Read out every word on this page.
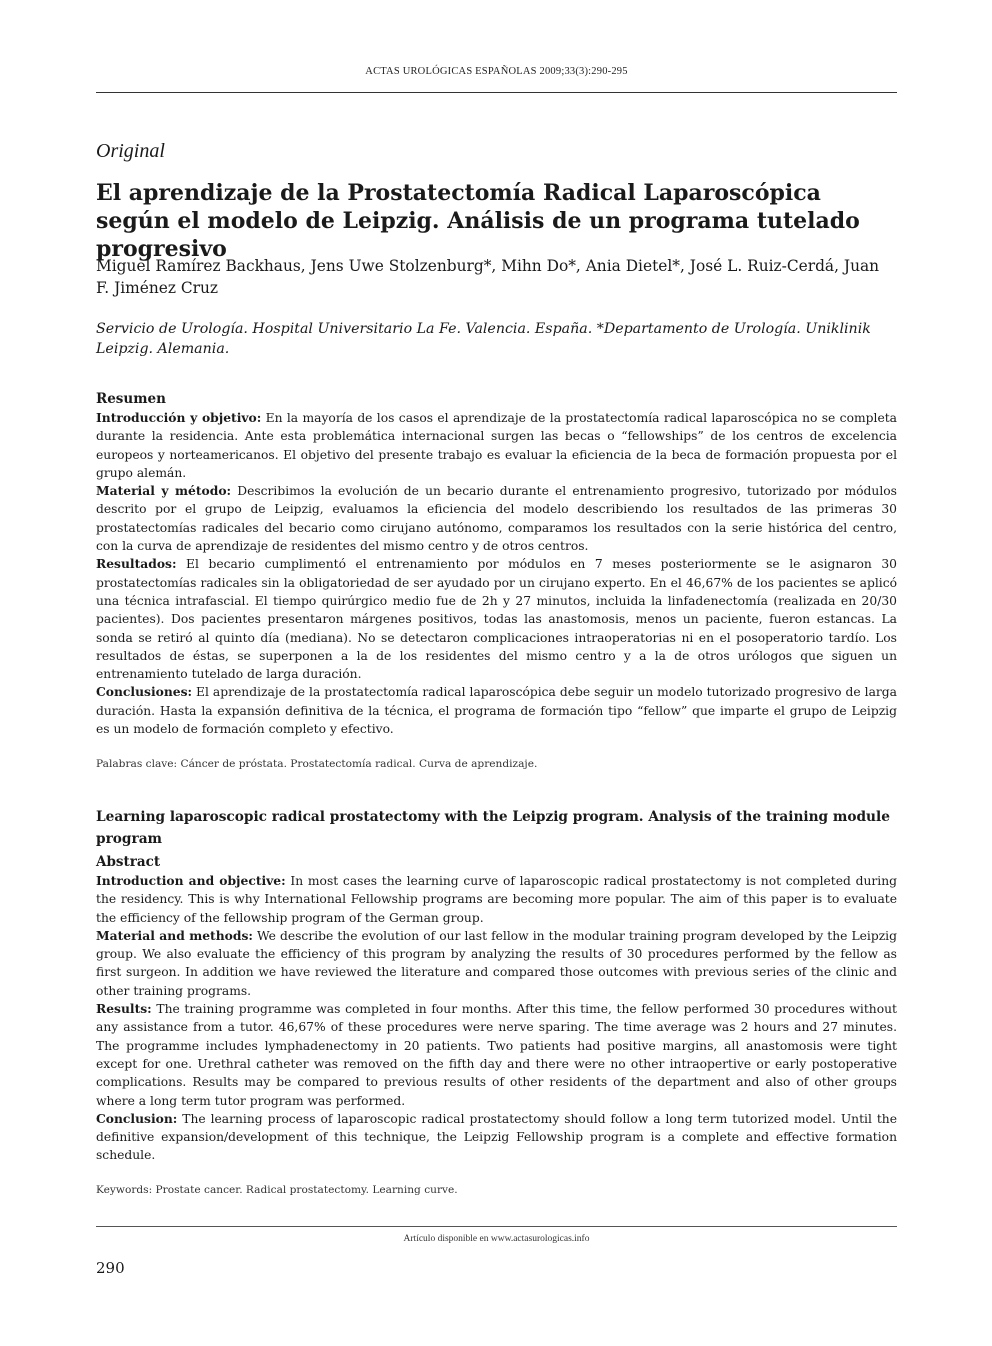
ACTAS UROLÓGICAS ESPAÑOLAS 2009;33(3):290-295
Original
El aprendizaje de la Prostatectomía Radical Laparoscópica según el modelo de Leipzig. Análisis de un programa tutelado progresivo
Miguel Ramírez Backhaus, Jens Uwe Stolzenburg*, Mihn Do*, Ania Dietel*, José L. Ruiz-Cerdá, Juan F. Jiménez Cruz
Servicio de Urología. Hospital Universitario La Fe. Valencia. España. *Departamento de Urología. Uniklinik Leipzig. Alemania.
Resumen

Introducción y objetivo: En la mayoría de los casos el aprendizaje de la prostatectomía radical laparoscópica no se completa durante la residencia. Ante esta problemática internacional surgen las becas o “fellowships” de los centros de excelencia europeos y norteamericanos. El objetivo del presente trabajo es evaluar la eficiencia de la beca de formación propuesta por el grupo alemán.

Material y método: Describimos la evolución de un becario durante el entrenamiento progresivo, tutorizado por módulos descrito por el grupo de Leipzig, evaluamos la eficiencia del modelo describiendo los resultados de las primeras 30 prostatectomías radicales del becario como cirujano autónomo, comparamos los resultados con la serie histórica del centro, con la curva de aprendizaje de residentes del mismo centro y de otros centros.

Resultados: El becario cumplimentó el entrenamiento por módulos en 7 meses posteriormente se le asignaron 30 prostatectomías radicales sin la obligatoriedad de ser ayudado por un cirujano experto. En el 46,67% de los pacientes se aplicó una técnica intrafascial. El tiempo quirúrgico medio fue de 2h y 27 minutos, incluida la linfadenectomía (realizada en 20/30 pacientes). Dos pacientes presentaron márgenes positivos, todas las anastomosis, menos un paciente, fueron estancas. La sonda se retiró al quinto día (mediana). No se detectaron complicaciones intraoperatorias ni en el posoperatorio tardío. Los resultados de éstas, se superponen a la de los residentes del mismo centro y a la de otros urólogos que siguen un entrenamiento tutelado de larga duración.

Conclusiones: El aprendizaje de la prostatectomía radical laparoscópica debe seguir un modelo tutorizado progresivo de larga duración. Hasta la expansión definitiva de la técnica, el programa de formación tipo “fellow” que imparte el grupo de Leipzig es un modelo de formación completo y efectivo.

Palabras clave: Cáncer de próstata. Prostatectomía radical. Curva de aprendizaje.

Learning laparoscopic radical prostatectomy with the Leipzig program. Analysis of the training module program

Abstract

Introduction and objective: In most cases the learning curve of laparoscopic radical prostatectomy is not completed during the residency. This is why International Fellowship programs are becoming more popular. The aim of this paper is to evaluate the efficiency of the fellowship program of the German group.

Material and methods: We describe the evolution of our last fellow in the modular training program developed by the Leipzig group. We also evaluate the efficiency of this program by analyzing the results of 30 procedures performed by the fellow as first surgeon. In addition we have reviewed the literature and compared those outcomes with previous series of the clinic and other training programs.

Results: The training programme was completed in four months. After this time, the fellow performed 30 procedures without any assistance from a tutor. 46,67% of these procedures were nerve sparing. The time average was 2 hours and 27 minutes. The programme includes lymphadenectomy in 20 patients. Two patients had positive margins, all anastomosis were tight except for one. Urethral catheter was removed on the fifth day and there were no other intraopertive or early postoperative complications. Results may be compared to previous results of other residents of the department and also of other groups where a long term tutor program was performed.

Conclusion: The learning process of laparoscopic radical prostatectomy should follow a long term tutorized model. Until the definitive expansion/development of this technique, the Leipzig Fellowship program is a complete and effective formation schedule.

Keywords: Prostate cancer. Radical prostatectomy. Learning curve.
Artículo disponible en www.actasurologicas.info
290
